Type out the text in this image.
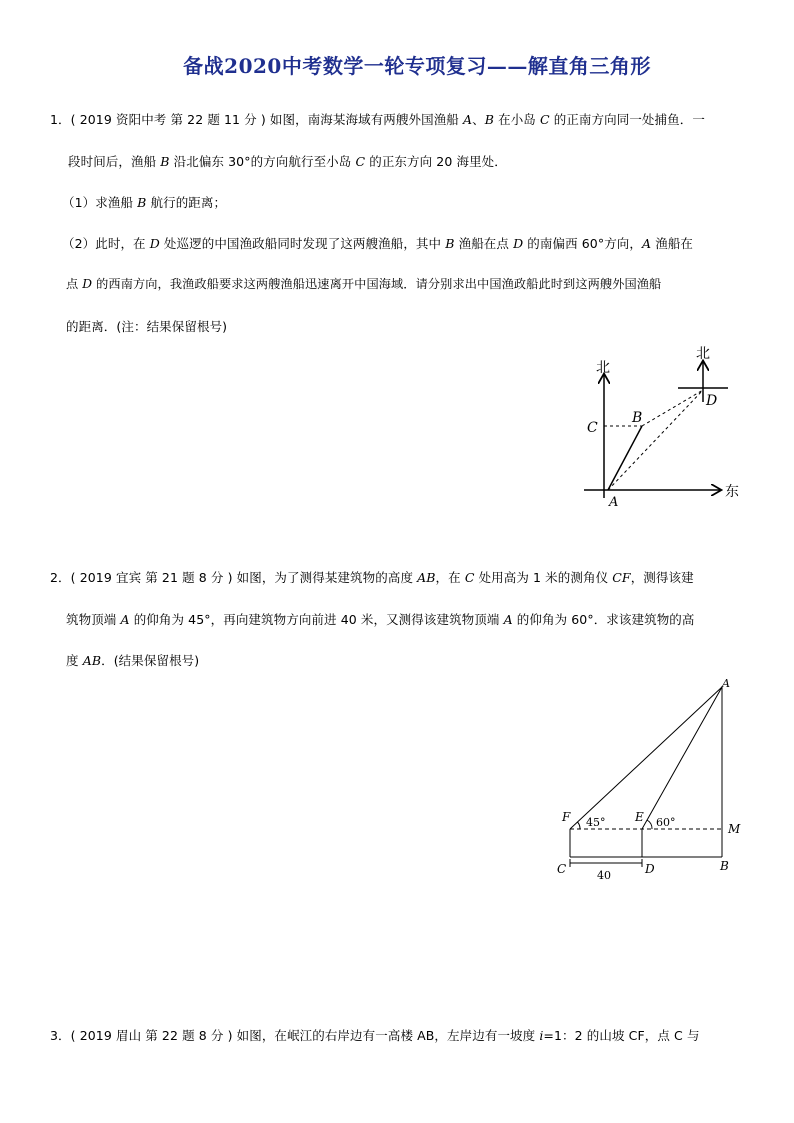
备战2020中考数学一轮专项复习——解直角三角形
1．( 2019 资阳中考 第 22 题 11 分 ) 如图，南海某海域有两艘外国渔船 A、B 在小岛 C 的正南方向同一处捕鱼．一
段时间后，渔船 B 沿北偏东 30°的方向航行至小岛 C 的正东方向 20 海里处．
（1）求渔船 B 航行的距离；
（2）此时，在 D 处巡逻的中国渔政船同时发现了这两艘渔船，其中 B 渔船在点 D 的南偏西 60°方向，A 渔船在
点 D 的西南方向，我渔政船要求这两艘渔船迅速离开中国海域．请分别求出中国渔政船此时到这两艘外国渔船
的距离．(注：结果保留根号)
北
北
东
C
B
A
D
2．( 2019 宜宾 第 21 题 8 分 ) 如图，为了测得某建筑物的高度 AB，在 C 处用高为 1 米的测角仪 CF，测得该建
筑物顶端 A 的仰角为 45°，再向建筑物方向前进 40 米，又测得该建筑物顶端 A 的仰角为 60°．求该建筑物的高
度 AB．(结果保留根号)
A
F	E
M
C	D	B
45°	60°
40
3．( 2019 眉山 第 22 题 8 分 ) 如图，在岷江的右岸边有一高楼 AB，左岸边有一坡度 i=1：2 的山坡 CF，点 C 与
